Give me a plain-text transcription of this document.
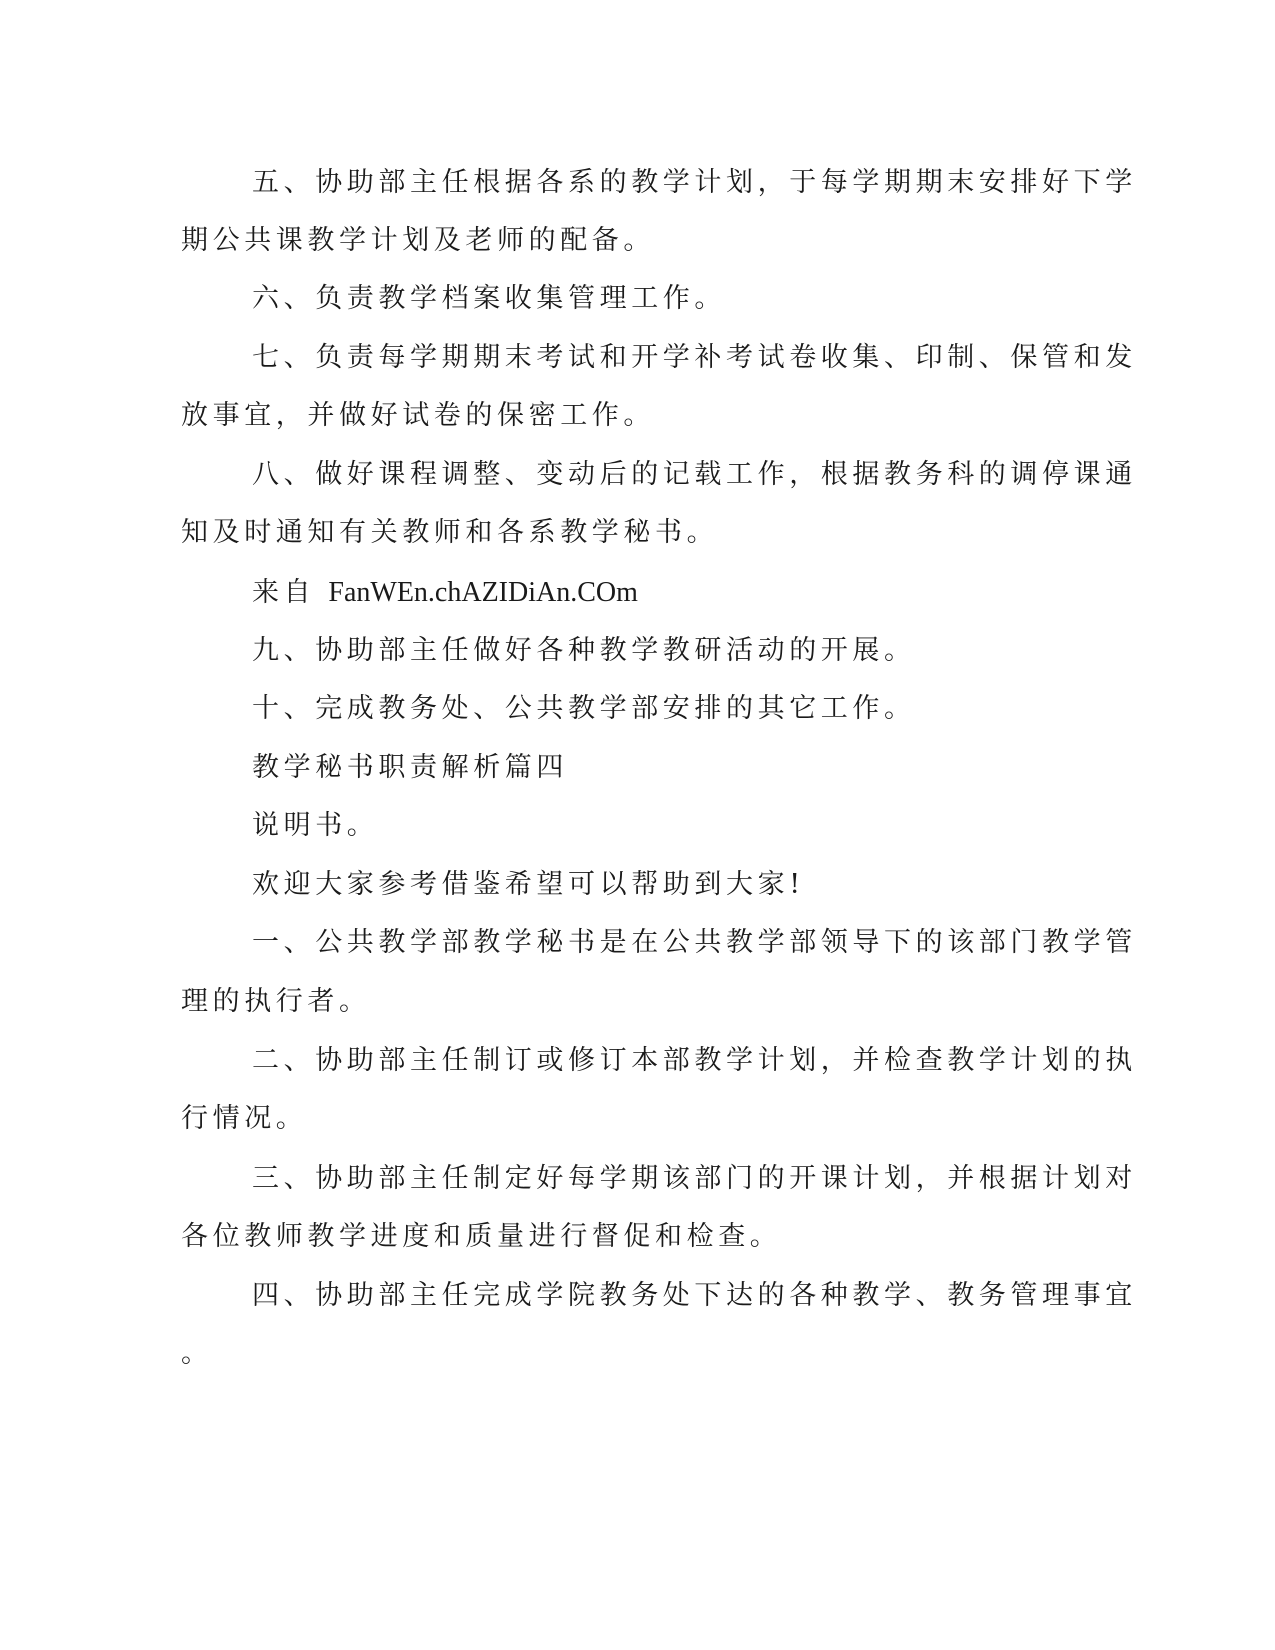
五、协助部主任根据各系的教学计划，于每学期期末安排好下学
期公共课教学计划及老师的配备。
六、负责教学档案收集管理工作。
七、负责每学期期末考试和开学补考试卷收集、印制、保管和发
放事宜，并做好试卷的保密工作。
八、做好课程调整、变动后的记载工作，根据教务科的调停课通
知及时通知有关教师和各系教学秘书。
来自 FanWEn.chAZIDiAn.COm
九、协助部主任做好各种教学教研活动的开展。
十、完成教务处、公共教学部安排的其它工作。
教学秘书职责解析篇四
说明书。
欢迎大家参考借鉴希望可以帮助到大家!
一、公共教学部教学秘书是在公共教学部领导下的该部门教学管
理的执行者。
二、协助部主任制订或修订本部教学计划，并检查教学计划的执
行情况。
三、协助部主任制定好每学期该部门的开课计划，并根据计划对
各位教师教学进度和质量进行督促和检查。
四、协助部主任完成学院教务处下达的各种教学、教务管理事宜
。
